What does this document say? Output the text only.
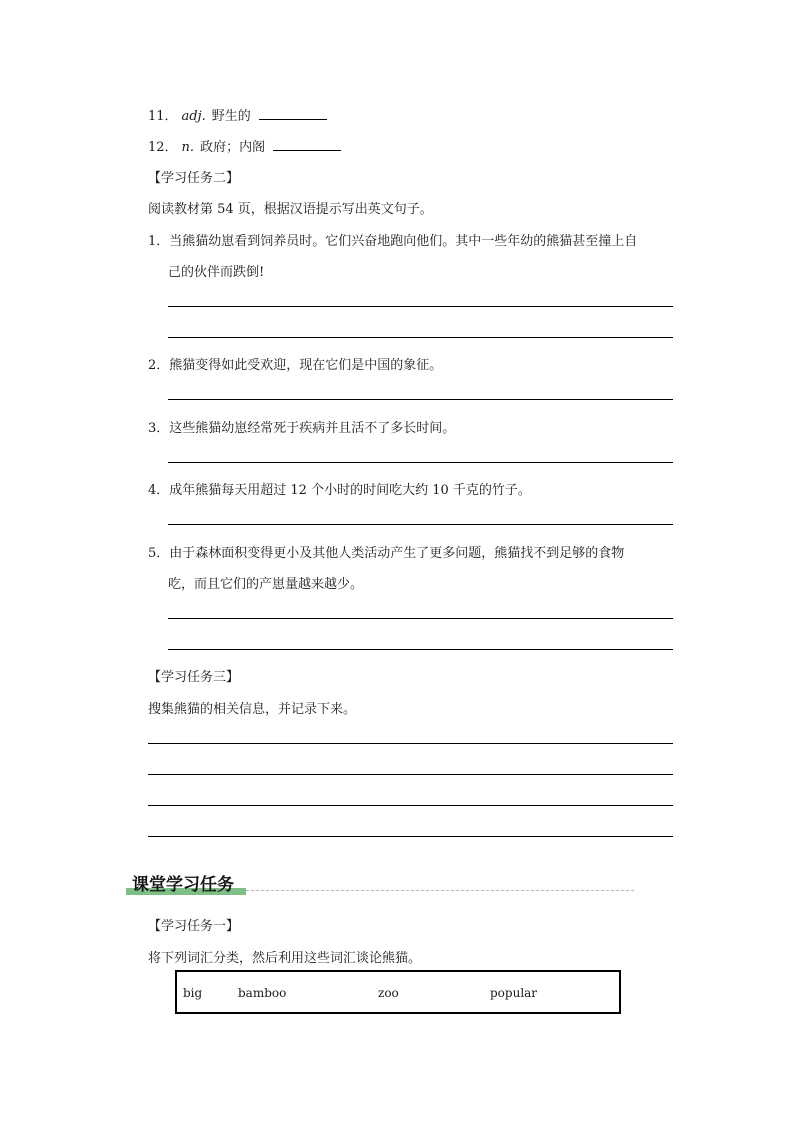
11． adj. 野生的
12． n. 政府；内阁
【学习任务二】
阅读教材第 54 页，根据汉语提示写出英文句子。
1．当熊猫幼崽看到饲养员时。它们兴奋地跑向他们。其中一些年幼的熊猫甚至撞上自
己的伙伴而跌倒!
2．熊猫变得如此受欢迎，现在它们是中国的象征。
3．这些熊猫幼崽经常死于疾病并且活不了多长时间。
4．成年熊猫每天用超过 12 个小时的时间吃大约 10 千克的竹子。
5．由于森林面积变得更小及其他人类活动产生了更多问题，熊猫找不到足够的食物
吃，而且它们的产崽量越来越少。
【学习任务三】
搜集熊猫的相关信息，并记录下来。
课堂学习任务
【学习任务一】
将下列词汇分类，然后利用这些词汇谈论熊猫。
big	bamboo	zoo	popular
